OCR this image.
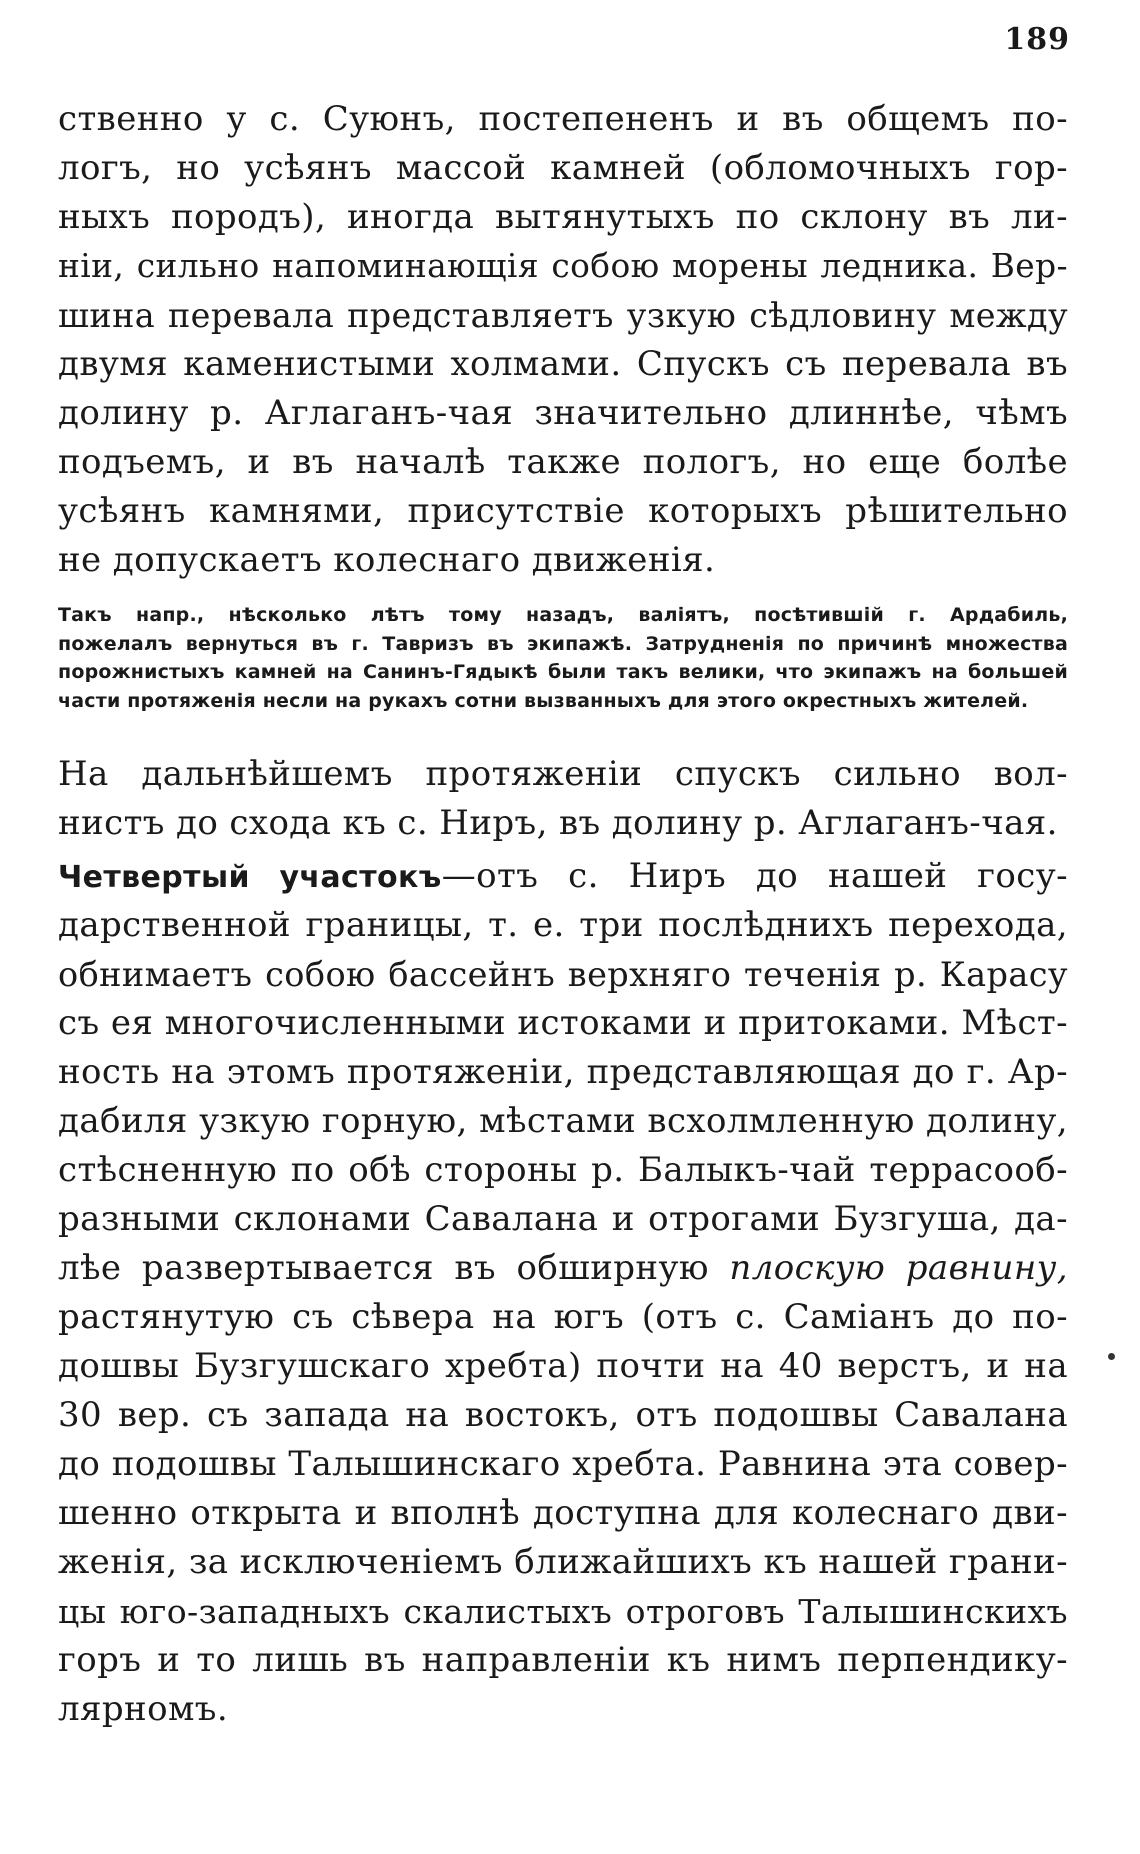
189
ственно у с. Суюнъ, постепененъ и въ общемъ по-
логъ, но усѣянъ массой камней (обломочныхъ гор-
ныхъ породъ), иногда вытянутыхъ по склону въ ли-
ніи, сильно напоминающія собою морены ледника. Вер-
шина перевала представляетъ узкую сѣдловину между
двумя каменистыми холмами. Спускъ съ перевала въ
долину р. Аглаганъ-чая значительно длиннѣе, чѣмъ
подъемъ, и въ началѣ также пологъ, но еще болѣе
усѣянъ камнями, присутствіе которыхъ рѣшительно
не допускаетъ колеснаго движенія.
Такъ напр., нѣсколько лѣтъ тому назадъ, валіятъ, посѣтившій г. Ардабиль,
пожелалъ вернуться въ г. Тавризъ въ экипажѣ. Затрудненія по причинѣ множества
порожнистыхъ камней на Санинъ-Гядыкѣ были такъ велики, что экипажъ на большей
части протяженія несли на рукахъ сотни вызванныхъ для этого окрестныхъ жителей.
На дальнѣйшемъ протяженіи спускъ сильно вол-
нистъ до схода къ с. Ниръ, въ долину р. Аглаганъ-чая.
Четвертый участокъ—отъ с. Ниръ до нашей госу-
дарственной границы, т. е. три послѣднихъ перехода,
обнимаетъ собою бассейнъ верхняго теченія р. Карасу
съ ея многочисленными истоками и притоками. Мѣст-
ность на этомъ протяженіи, представляющая до г. Ар-
дабиля узкую горную, мѣстами всхолмленную долину,
стѣсненную по обѣ стороны р. Балыкъ-чай террасооб-
разными склонами Савалана и отрогами Бузгуша, да-
лѣе развертывается въ обширную плоскую равнину,
растянутую съ сѣвера на югъ (отъ с. Саміанъ до по-
дошвы Бузгушскаго хребта) почти на 40 верстъ, и на
30 вер. съ запада на востокъ, отъ подошвы Савалана
до подошвы Талышинскаго хребта. Равнина эта совер-
шенно открыта и вполнѣ доступна для колеснаго дви-
женія, за исключеніемъ ближайшихъ къ нашей грани-
цы юго-западныхъ скалистыхъ отроговъ Талышинскихъ
горъ и то лишь въ направленіи къ нимъ перпендику-
лярномъ.
